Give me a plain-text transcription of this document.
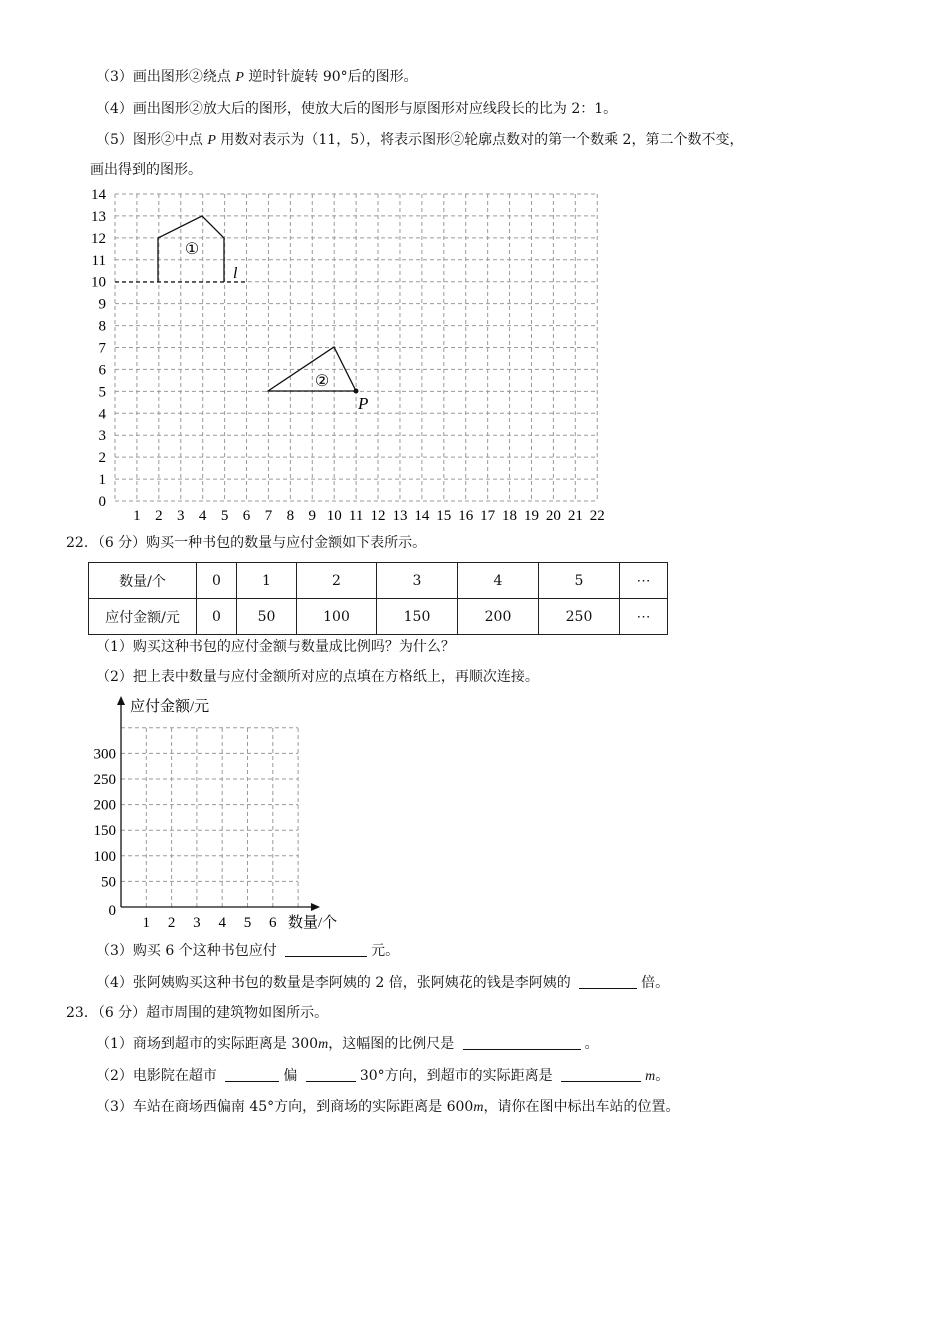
（3）画出图形②绕点 P 逆时针旋转 90°后的图形。
（4）画出图形②放大后的图形，使放大后的图形与原图形对应线段长的比为 2：1。
（5）图形②中点 P 用数对表示为（11，5），将表示图形②轮廓点数对的第一个数乘 2，第二个数不变，
画出得到的图形。
0
1
2
3
4
5
6
7
8
9
10
11
12
13
14
1 2 3 4 5 6 7 8 9 10 11 12 13 14 15 16 17 18 19 20 21 22
l
①
②
P
22．（6 分）购买一种书包的数量与应付金额如下表所示。
数量/个	0	1	2	3	4	5	⋯
应付金额/元	0	50	100	150	200	250	⋯
（1）购买这种书包的应付金额与数量成比例吗？为什么？
（2）把上表中数量与应付金额所对应的点填在方格纸上，再顺次连接。
应付金额/元
数量/个
0
50
100
150
200
250
300
1 2 3 4 5 6
（3）购买 6 个这种书包应付	元。
（4）张阿姨购买这种书包的数量是李阿姨的 2 倍，张阿姨花的钱是李阿姨的	倍。
23．（6 分）超市周围的建筑物如图所示。
（1）商场到超市的实际距离是 300m，这幅图的比例尺是	。
（2）电影院在超市	偏	30°方向，到超市的实际距离是	m。
（3）车站在商场西偏南 45°方向，到商场的实际距离是 600m，请你在图中标出车站的位置。
